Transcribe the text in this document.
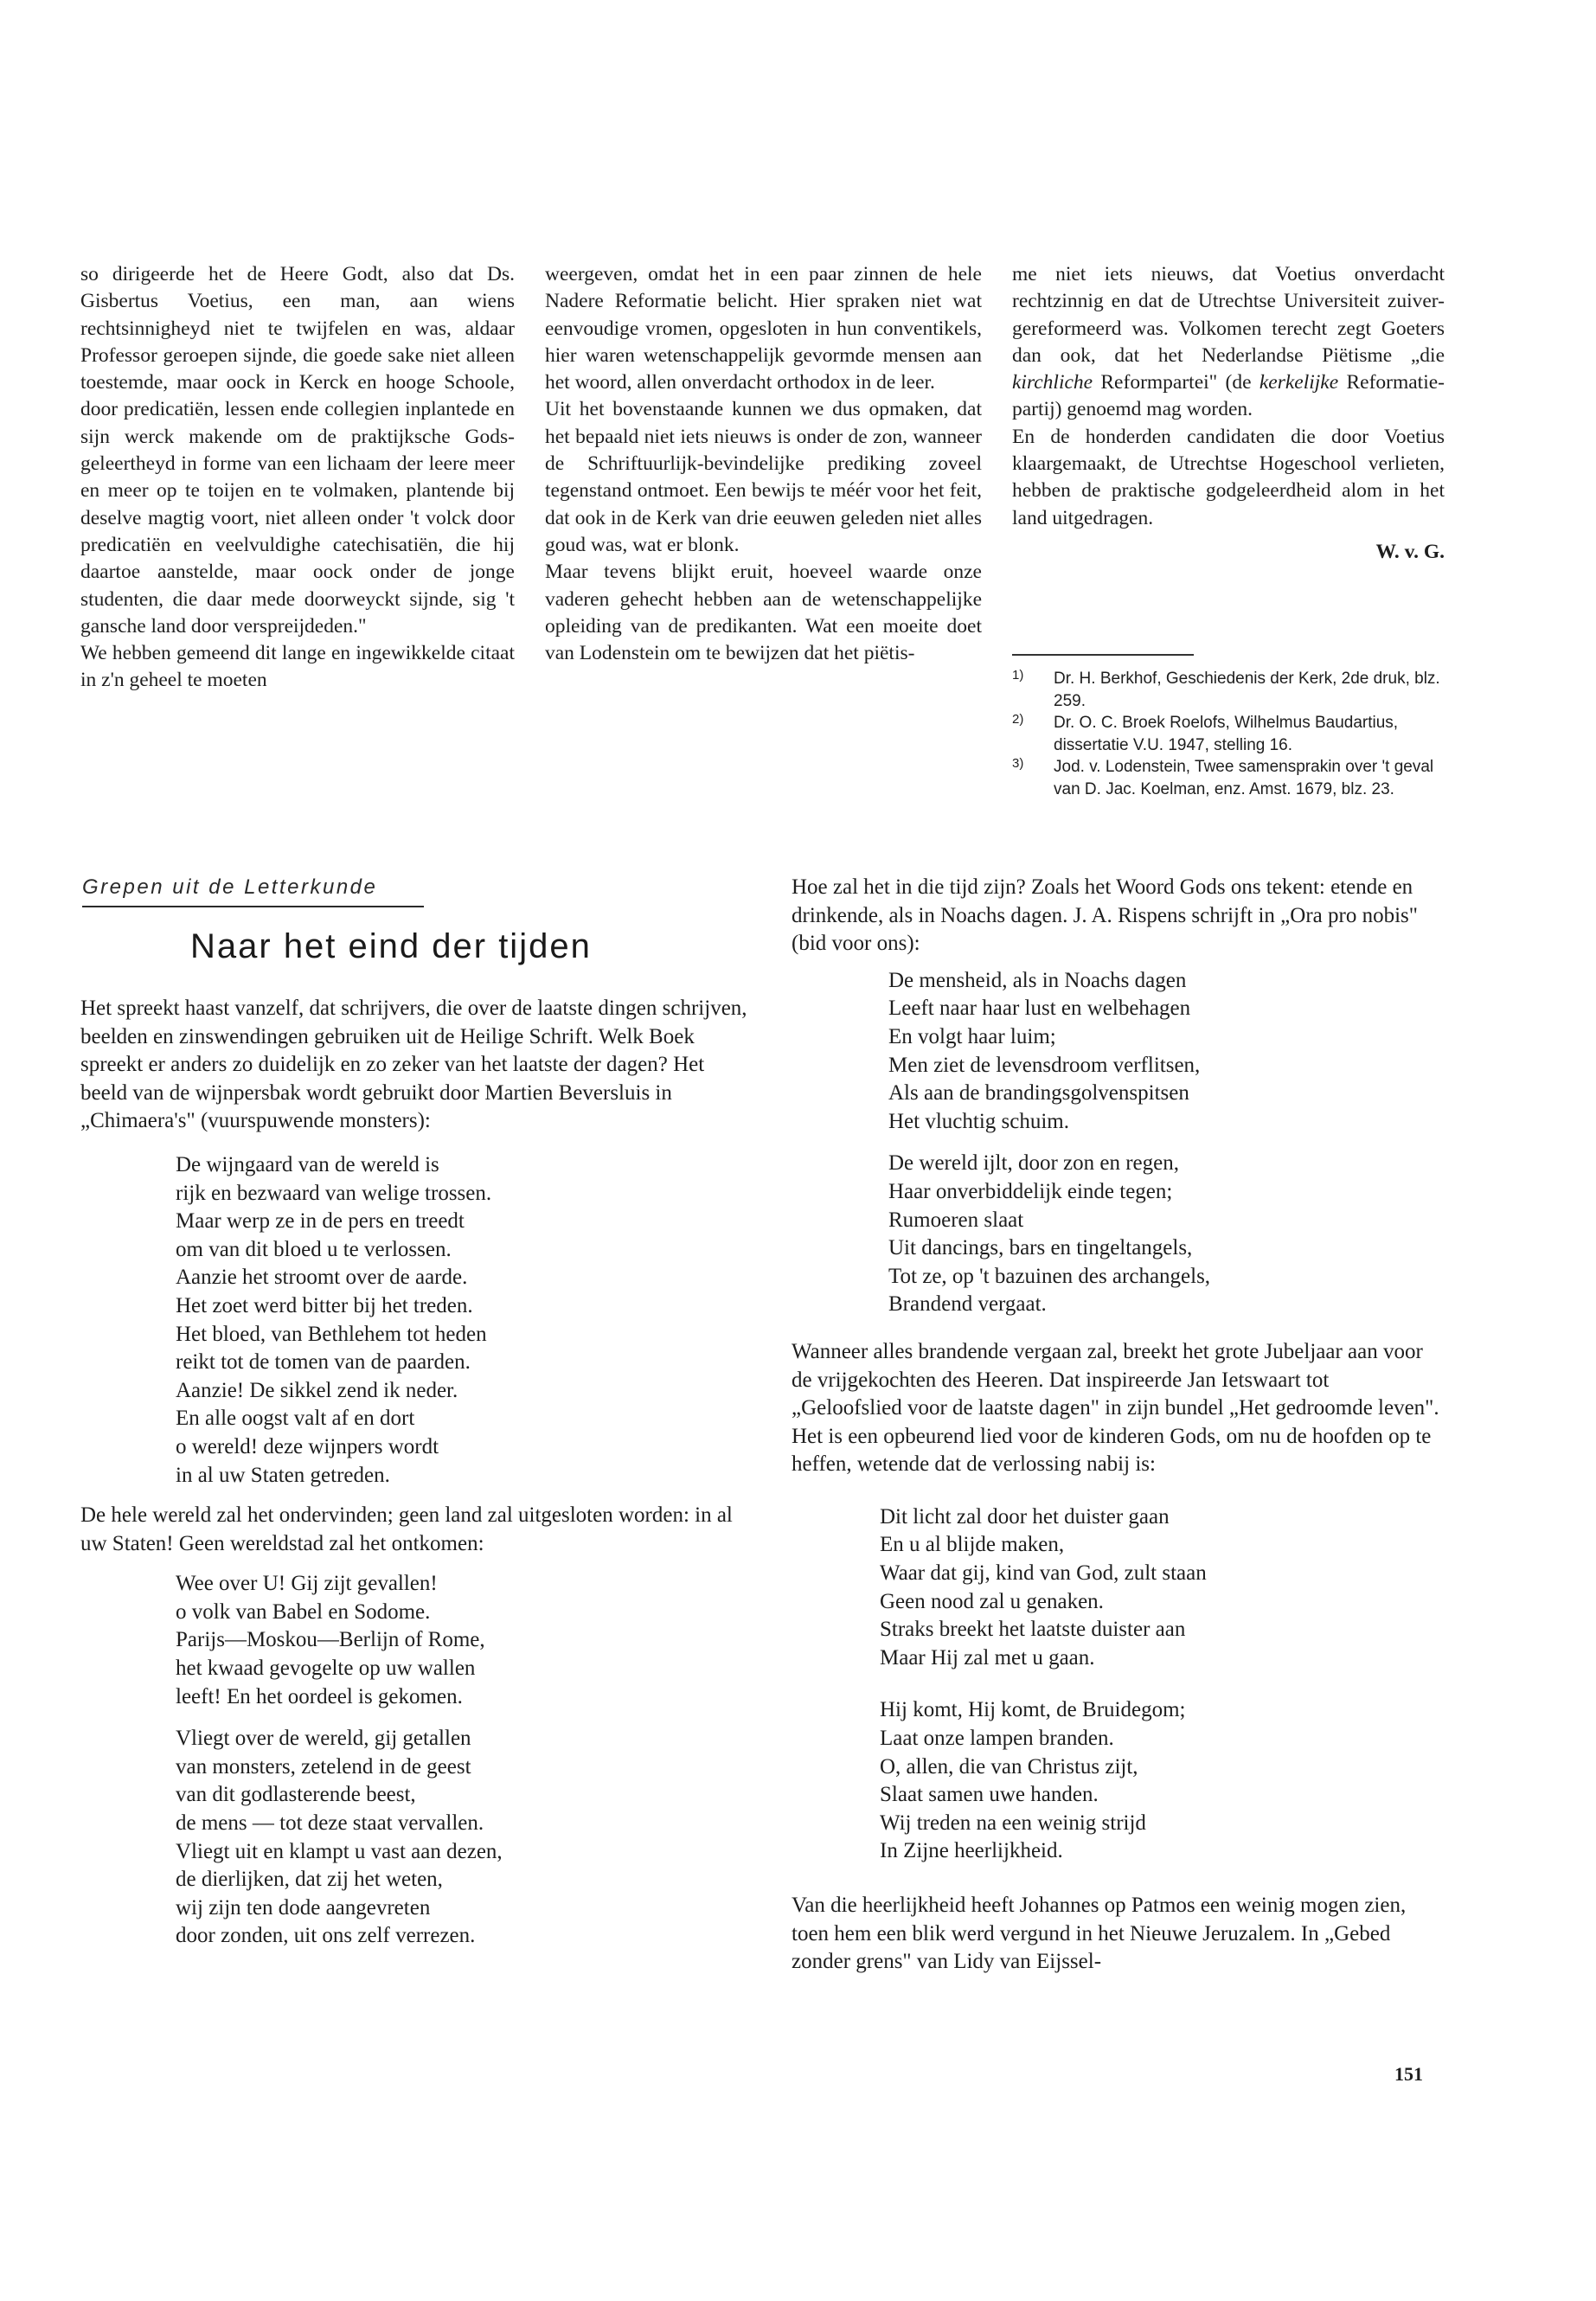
so dirigeerde het de Heere Godt, also dat Ds. Gisbertus Voetius, een man, aan wiens rechtsinnigheyd niet te twijfelen en was, aldaar Professor geroepen sijnde, die goede sake niet alleen toestemde, maar oock in Kerck en hooge Schoole, door predicatiën, lessen ende collegien inplantede en sijn werck makende om de praktijksche Gods-geleertheyd in forme van een lichaam der leere meer en meer op te toijen en te volmaken, plantende bij deselve magtig voort, niet alleen onder 't volck door predicatiën en veelvuldighe catechisatiën, die hij daartoe aanstelde, maar oock onder de jonge studenten, die daar mede doorweyckt sijnde, sig 't gansche land door verspreijdeden."

We hebben gemeend dit lange en ingewikkelde citaat in z'n geheel te moeten

weergeven, omdat het in een paar zinnen de hele Nadere Reformatie belicht. Hier spraken niet wat eenvoudige vromen, opgesloten in hun conventikels, hier waren wetenschappelijk gevormde mensen aan het woord, allen onverdacht orthodox in de leer.

Uit het bovenstaande kunnen we dus opmaken, dat het bepaald niet iets nieuws is onder de zon, wanneer de Schriftuurlijk-bevindelijke prediking zoveel tegenstand ontmoet. Een bewijs te méér voor het feit, dat ook in de Kerk van drie eeuwen geleden niet alles goud was, wat er blonk.

Maar tevens blijkt eruit, hoeveel waarde onze vaderen gehecht hebben aan de wetenschappelijke opleiding van de predikanten. Wat een moeite doet van Lodenstein om te bewijzen dat het piëtis-

me niet iets nieuws, dat Voetius onverdacht rechtzinnig en dat de Utrechtse Universiteit zuiver-gereformeerd was. Volkomen terecht zegt Goeters dan ook, dat het Nederlandse Piëtisme „die kirchliche Reformpartei" (de kerkelijke Reformatie-partij) genoemd mag worden.

En de honderden candidaten die door Voetius klaargemaakt, de Utrechtse Hogeschool verlieten, hebben de praktische godgeleerdheid alom in het land uitgedragen.

W. v. G.

1) Dr. H. Berkhof, Geschiedenis der Kerk, 2de druk, blz. 259.

2) Dr. O. C. Broek Roelofs, Wilhelmus Baudartius, dissertatie V.U. 1947, stelling 16.

3) Jod. v. Lodenstein, Twee samensprakin over 't geval van D. Jac. Koelman, enz. Amst. 1679, blz. 23.

Grepen uit de Letterkunde
Naar het eind der tijden

Het spreekt haast vanzelf, dat schrijvers, die over de laatste dingen schrijven, beelden en zinswendingen gebruiken uit de Heilige Schrift. Welk Boek spreekt er anders zo duidelijk en zo zeker van het laatste der dagen? Het beeld van de wijnpersbak wordt gebruikt door Martien Beversluis in „Chimaera's" (vuurspuwende monsters):

De wijngaard van de wereld is

rijk en bezwaard van welige trossen.

Maar werp ze in de pers en treedt

om van dit bloed u te verlossen.

Aanzie het stroomt over de aarde.

Het zoet werd bitter bij het treden.

Het bloed, van Bethlehem tot heden

reikt tot de tomen van de paarden.

Aanzie! De sikkel zend ik neder.

En alle oogst valt af en dort

o wereld! deze wijnpers wordt

in al uw Staten getreden.

De hele wereld zal het ondervinden; geen land zal uitgesloten worden: in al uw Staten! Geen wereldstad zal het ontkomen:

Wee over U! Gij zijt gevallen!

o volk van Babel en Sodome.

Parijs—Moskou—Berlijn of Rome,

het kwaad gevogelte op uw wallen

leeft! En het oordeel is gekomen.

Vliegt over de wereld, gij getallen

van monsters, zetelend in de geest

van dit godlasterende beest,

de mens — tot deze staat vervallen.

Vliegt uit en klampt u vast aan dezen,

de dierlijken, dat zij het weten,

wij zijn ten dode aangevreten

door zonden, uit ons zelf verrezen.

Hoe zal het in die tijd zijn? Zoals het Woord Gods ons tekent: etende en drinkende, als in Noachs dagen. J. A. Rispens schrijft in „Ora pro nobis" (bid voor ons):

De mensheid, als in Noachs dagen

Leeft naar haar lust en welbehagen

En volgt haar luim;

Men ziet de levensdroom verflitsen,

Als aan de brandingsgolvenspitsen

Het vluchtig schuim.

De wereld ijlt, door zon en regen,

Haar onverbiddelijk einde tegen;

Rumoeren slaat

Uit dancings, bars en tingeltangels,

Tot ze, op 't bazuinen des archangels,

Brandend vergaat.

Wanneer alles brandende vergaan zal, breekt het grote Jubeljaar aan voor de vrijgekochten des Heeren. Dat inspireerde Jan Ietswaart tot „Geloofslied voor de laatste dagen" in zijn bundel „Het gedroomde leven". Het is een opbeurend lied voor de kinderen Gods, om nu de hoofden op te heffen, wetende dat de verlossing nabij is:

Dit licht zal door het duister gaan

En u al blijde maken,

Waar dat gij, kind van God, zult staan

Geen nood zal u genaken.

Straks breekt het laatste duister aan

Maar Hij zal met u gaan.

Hij komt, Hij komt, de Bruidegom;

Laat onze lampen branden.

O, allen, die van Christus zijt,

Slaat samen uwe handen.

Wij treden na een weinig strijd

In Zijne heerlijkheid.

Van die heerlijkheid heeft Johannes op Patmos een weinig mogen zien, toen hem een blik werd vergund in het Nieuwe Jeruzalem. In „Gebed zonder grens" van Lidy van Eijssel-

151
